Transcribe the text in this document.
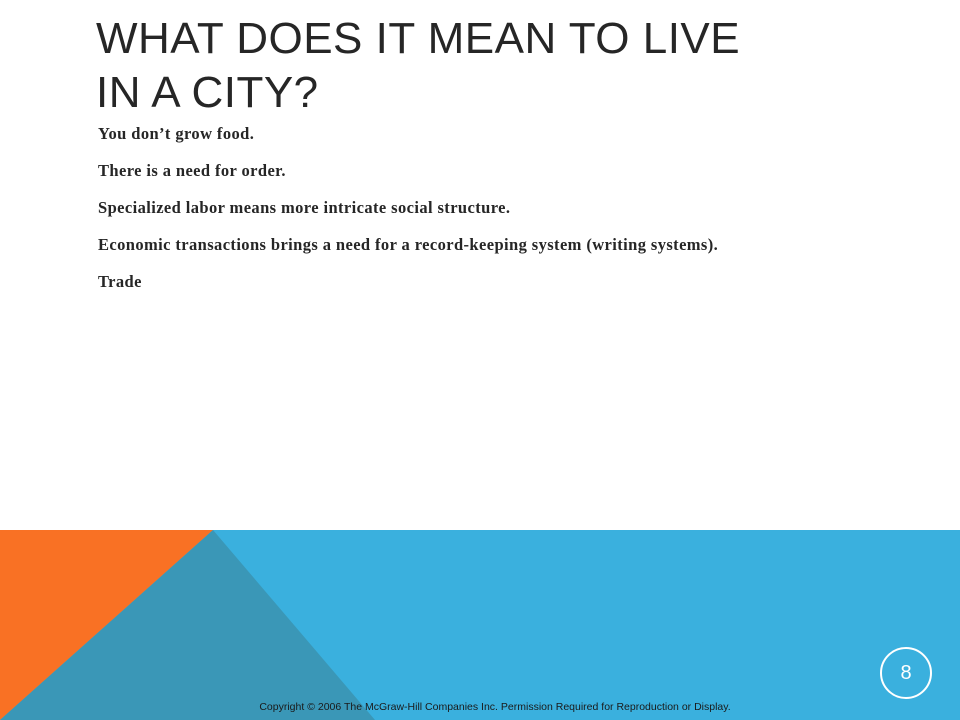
WHAT DOES IT MEAN TO LIVE
IN A CITY?
You don’t grow food.
There is a need for order.
Specialized labor means more intricate social structure.
Economic transactions brings a need for a record-keeping system (writing systems).
Trade
8
Copyright © 2006 The McGraw-Hill Companies Inc. Permission Required for Reproduction or Display.
